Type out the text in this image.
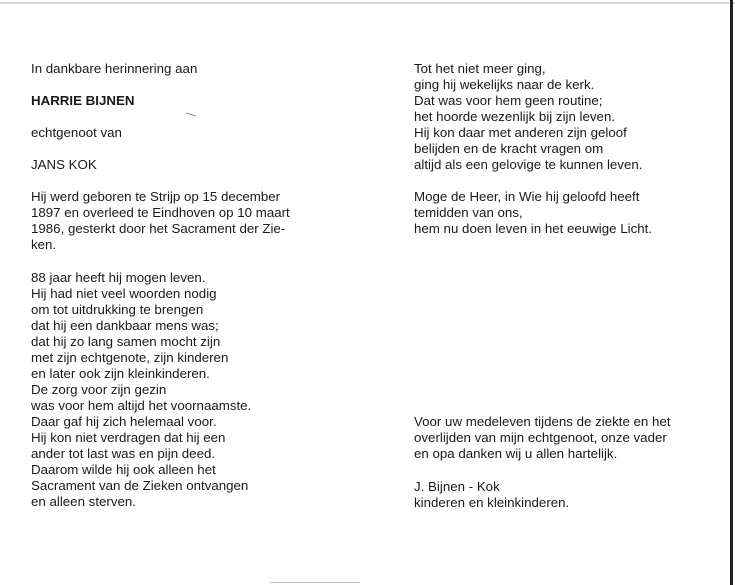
In dankbare herinnering aan
HARRIE BIJNEN
echtgenoot van
JANS KOK
Hij werd geboren te Strijp op 15 december
1897 en overleed te Eindhoven op 10 maart
1986, gesterkt door het Sacrament der Zie-
ken.
88 jaar heeft hij mogen leven.
Hij had niet veel woorden nodig
om tot uitdrukking te brengen
dat hij een dankbaar mens was;
dat hij zo lang samen mocht zijn
met zijn echtgenote, zijn kinderen
en later ook zijn kleinkinderen.
De zorg voor zijn gezin
was voor hem altijd het voornaamste.
Daar gaf hij zich helemaal voor.
Hij kon niet verdragen dat hij een
ander tot last was en pijn deed.
Daarom wilde hij ook alleen het
Sacrament van de Zieken ontvangen
en alleen sterven.
Tot het niet meer ging,
ging hij wekelijks naar de kerk.
Dat was voor hem geen routine;
het hoorde wezenlijk bij zijn leven.
Hij kon daar met anderen zijn geloof
belijden en de kracht vragen om
altijd als een gelovige te kunnen leven.
Moge de Heer, in Wie hij geloofd heeft
temidden van ons,
hem nu doen leven in het eeuwige Licht.
Voor uw medeleven tijdens de ziekte en het
overlijden van mijn echtgenoot, onze vader
en opa danken wij u allen hartelijk.
J. Bijnen - Kok
kinderen en kleinkinderen.
